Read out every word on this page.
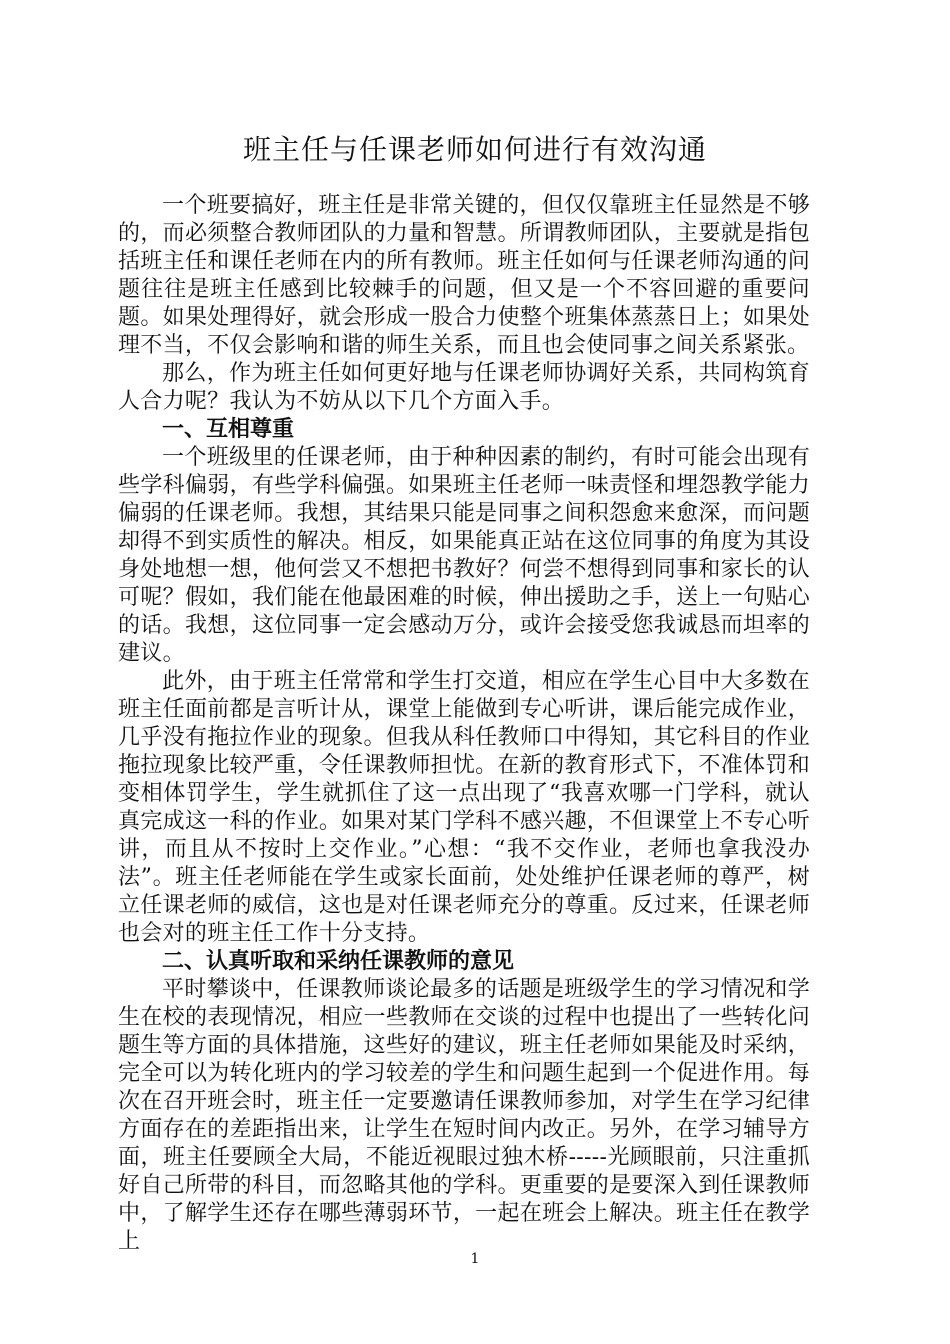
班主任与任课老师如何进行有效沟通

一个班要搞好，班主任是非常关键的，但仅仅靠班主任显然是不够的，而必须整合教师团队的力量和智慧。所谓教师团队，主要就是指包括班主任和课任老师在内的所有教师。班主任如何与任课老师沟通的问题往往是班主任感到比较棘手的问题，但又是一个不容回避的重要问题。如果处理得好，就会形成一股合力使整个班集体蒸蒸日上；如果处理不当，不仅会影响和谐的师生关系，而且也会使同事之间关系紧张。

那么，作为班主任如何更好地与任课老师协调好关系，共同构筑育人合力呢？我认为不妨从以下几个方面入手。

一、互相尊重

一个班级里的任课老师，由于种种因素的制约，有时可能会出现有些学科偏弱，有些学科偏强。如果班主任老师一味责怪和埋怨教学能力偏弱的任课老师。我想，其结果只能是同事之间积怨愈来愈深，而问题却得不到实质性的解决。相反，如果能真正站在这位同事的角度为其设身处地想一想，他何尝又不想把书教好？何尝不想得到同事和家长的认可呢？假如，我们能在他最困难的时候，伸出援助之手，送上一句贴心的话。我想，这位同事一定会感动万分，或许会接受您我诚恳而坦率的建议。

此外，由于班主任常常和学生打交道，相应在学生心目中大多数在班主任面前都是言听计从，课堂上能做到专心听讲，课后能完成作业，几乎没有拖拉作业的现象。但我从科任教师口中得知，其它科目的作业拖拉现象比较严重，令任课教师担忧。在新的教育形式下，不准体罚和变相体罚学生，学生就抓住了这一点出现了“我喜欢哪一门学科，就认真完成这一科的作业。如果对某门学科不感兴趣，不但课堂上不专心听讲，而且从不按时上交作业。”心想：“我不交作业，老师也拿我没办法”。班主任老师能在学生或家长面前，处处维护任课老师的尊严，树立任课老师的威信，这也是对任课老师充分的尊重。反过来，任课老师也会对的班主任工作十分支持。

二、认真听取和采纳任课教师的意见

平时攀谈中，任课教师谈论最多的话题是班级学生的学习情况和学生在校的表现情况，相应一些教师在交谈的过程中也提出了一些转化问题生等方面的具体措施，这些好的建议，班主任老师如果能及时采纳，完全可以为转化班内的学习较差的学生和问题生起到一个促进作用。每次在召开班会时，班主任一定要邀请任课教师参加，对学生在学习纪律方面存在的差距指出来，让学生在短时间内改正。另外，在学习辅导方面，班主任要顾全大局，不能近视眼过独木桥-----光顾眼前，只注重抓好自己所带的科目，而忽略其他的学科。更重要的是要深入到任课教师中，了解学生还存在哪些薄弱环节，一起在班会上解决。班主任在教学上

1
